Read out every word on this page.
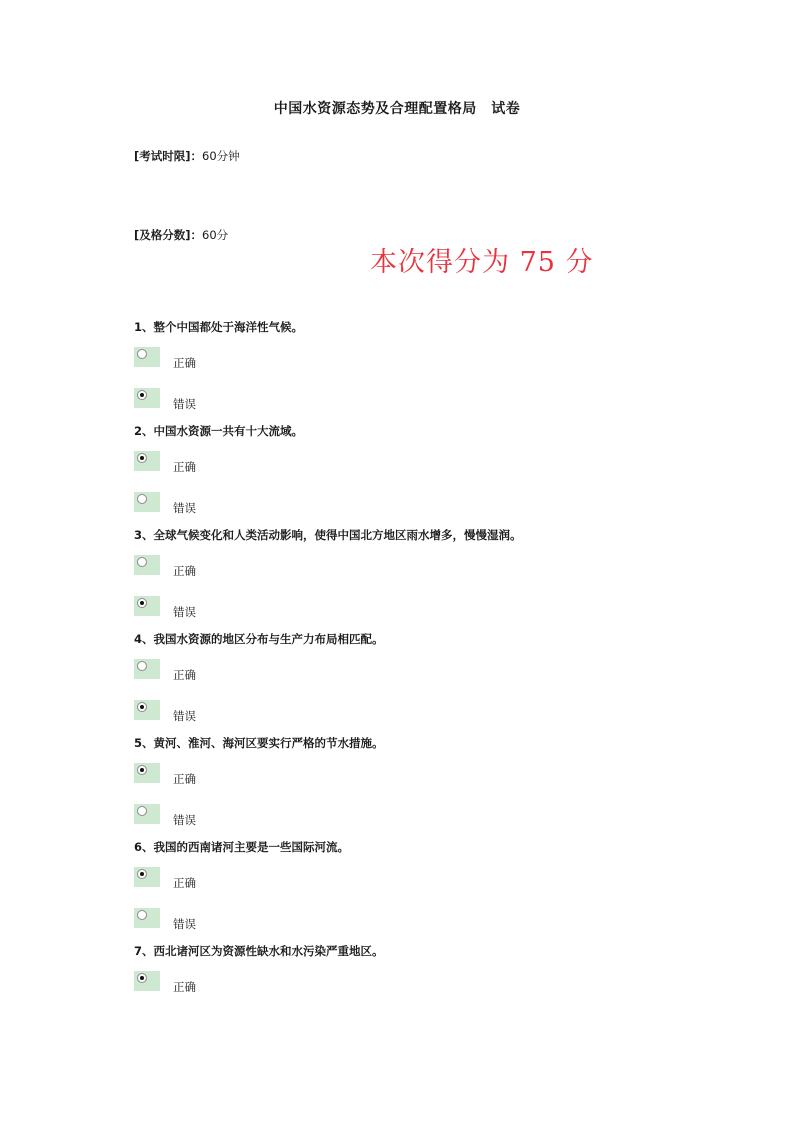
中国水资源态势及合理配置格局　试卷
[考试时限]：60分钟
[及格分数]：60分
本次得分为 75 分
1、整个中国都处于海洋性气候。
正确
错误
2、中国水资源一共有十大流域。
正确
错误
3、全球气候变化和人类活动影响，使得中国北方地区雨水增多，慢慢湿润。
正确
错误
4、我国水资源的地区分布与生产力布局相匹配。
正确
错误
5、黄河、淮河、海河区要实行严格的节水措施。
正确
错误
6、我国的西南诸河主要是一些国际河流。
正确
错误
7、西北诸河区为资源性缺水和水污染严重地区。
正确
